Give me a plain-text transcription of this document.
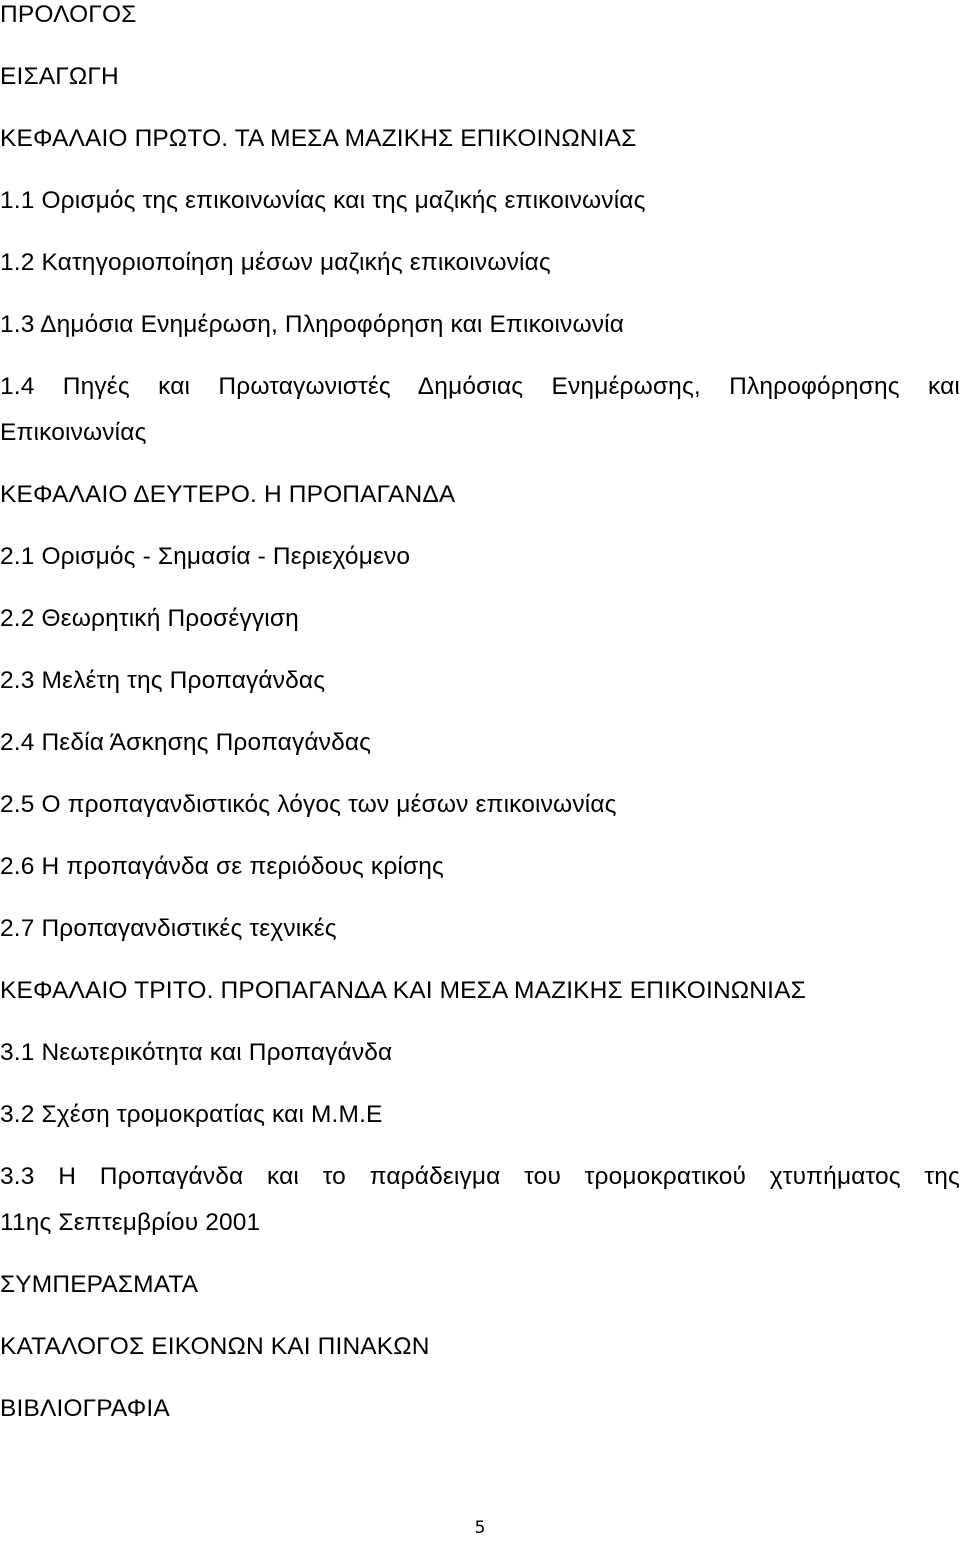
ΠΡΟΛΟΓΟΣ
ΕΙΣΑΓΩΓΗ
ΚΕΦΑΛΑΙΟ ΠΡΩΤΟ. ΤΑ ΜΕΣΑ ΜΑΖΙΚΗΣ ΕΠΙΚΟΙΝΩΝΙΑΣ
1.1 Ορισμός της επικοινωνίας και της μαζικής επικοινωνίας
1.2 Κατηγοριοποίηση μέσων μαζικής επικοινωνίας
1.3 Δημόσια Ενημέρωση, Πληροφόρηση και Επικοινωνία
1.4 Πηγές και Πρωταγωνιστές Δημόσιας Ενημέρωσης, Πληροφόρησης και
Επικοινωνίας
ΚΕΦΑΛΑΙΟ ΔΕΥΤΕΡΟ. Η ΠΡΟΠΑΓΑΝΔΑ
2.1 Ορισμός - Σημασία - Περιεχόμενο
2.2 Θεωρητική Προσέγγιση
2.3 Μελέτη της Προπαγάνδας
2.4 Πεδία Άσκησης Προπαγάνδας
2.5 Ο προπαγανδιστικός λόγος των μέσων επικοινωνίας
2.6 Η προπαγάνδα σε περιόδους κρίσης
2.7 Προπαγανδιστικές τεχνικές
ΚΕΦΑΛΑΙΟ ΤΡΙΤΟ. ΠΡΟΠΑΓΑΝΔΑ ΚΑΙ ΜΕΣΑ ΜΑΖΙΚΗΣ ΕΠΙΚΟΙΝΩΝΙΑΣ
3.1 Νεωτερικότητα και Προπαγάνδα
3.2 Σχέση τρομοκρατίας και Μ.Μ.Ε
3.3 Η Προπαγάνδα και το παράδειγμα του τρομοκρατικού χτυπήματος της
11ης Σεπτεμβρίου 2001
ΣΥΜΠΕΡΑΣΜΑΤΑ
ΚΑΤΑΛΟΓΟΣ ΕΙΚΟΝΩΝ ΚΑΙ ΠΙΝΑΚΩΝ
ΒΙΒΛΙΟΓΡΑΦΙΑ
5
